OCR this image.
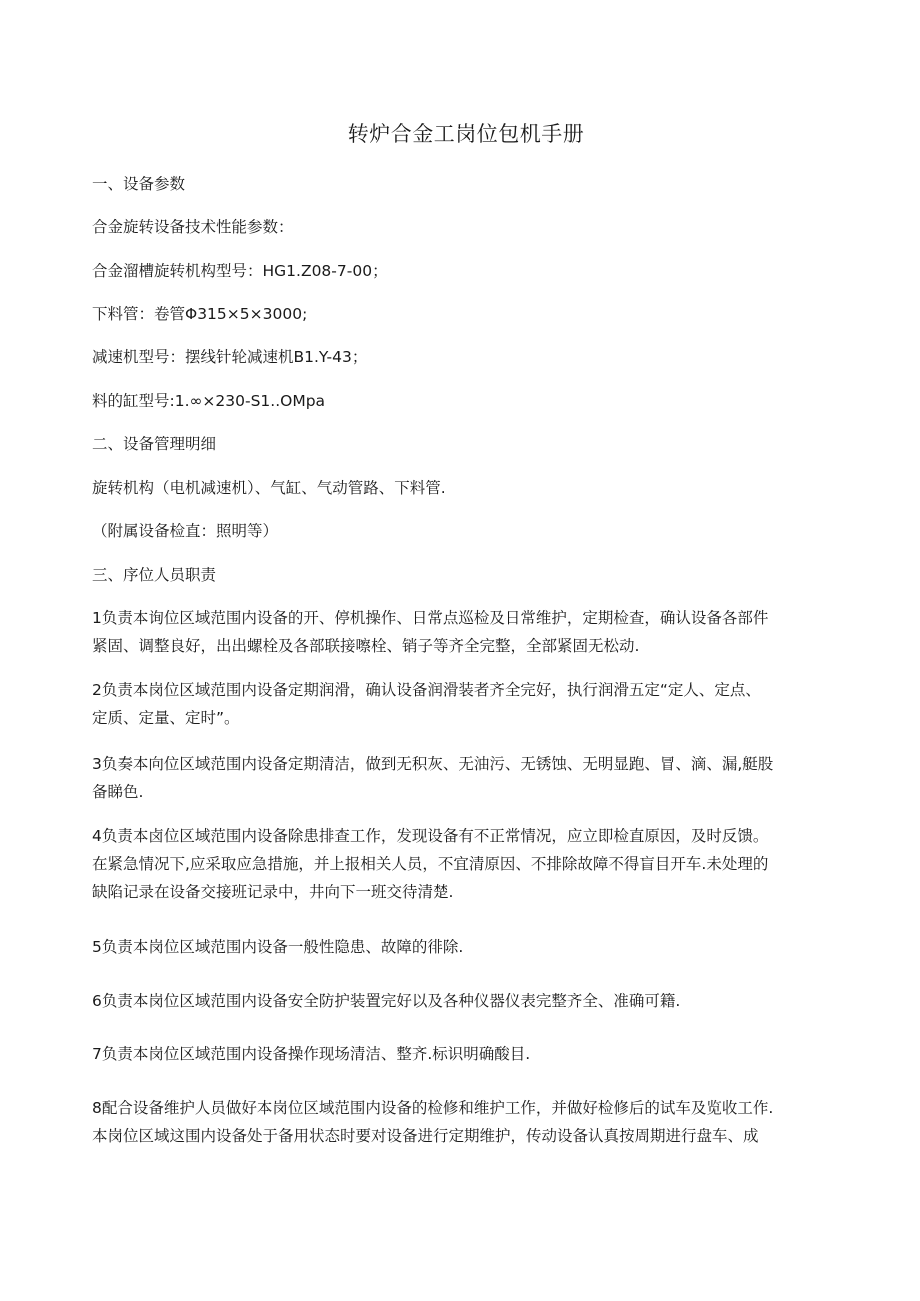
转炉合金工岗位包机手册
一、设备参数
合金旋转设备技术性能参数：
合金溜槽旋转机构型号：HG1.Z08-7-00；
下料管：卷管Φ315×5×3000;
减速机型号：摆线针轮减速机B1.Y-43；
料的缸型号:1.∞×230-S1..OMpa
二、设备管理明细
旋转机构（电机减速机）、气缸、气动管路、下料管.
（附属设备检直：照明等）
三、序位人员职责
1负责本询位区域范围内设备的开、停机操作、日常点巡检及日常维护，定期检查，确认设备各部件
紧固、调整良好，出出螺栓及各部联接嚓栓、销子等齐全完整，全部紧固无松动.
2负责本岗位区域范围内设备定期润滑，确认设备润滑装者齐全完好，执行润滑五定“定人、定点、
定质、定量、定时”。
3负奏本向位区域范围内设备定期清洁，做到无积灰、无油污、无锈蚀、无明显跑、冒、滴、漏,艇股
备睇色.
4负责本卤位区域范围内设备除患排查工作，发现设备有不正常情况，应立即检直原因，及时反馈。
在紧急情况下,应采取应急措施，并上报相关人员，不宜清原因、不排除故障不得盲目开车.未处理的
缺陷记录在设备交接班记录中，井向下一班交待清楚.
5负责本岗位区域范围内设备一般性隐患、故障的徘除.
6负责本岗位区域范围内设备安全防护装置完好以及各种仪器仪表完整齐全、准确可籍.
7负责本岗位区域范围内设备操作现场清洁、整齐.标识明确酸目.
8配合设备维护人员做好本岗位区域范围内设备的检修和维护工作，并做好检修后的试车及览收工作.
本岗位区域这围内设备处于备用状态时要对设备进行定期维护，传动设备认真按周期进行盘车、成
